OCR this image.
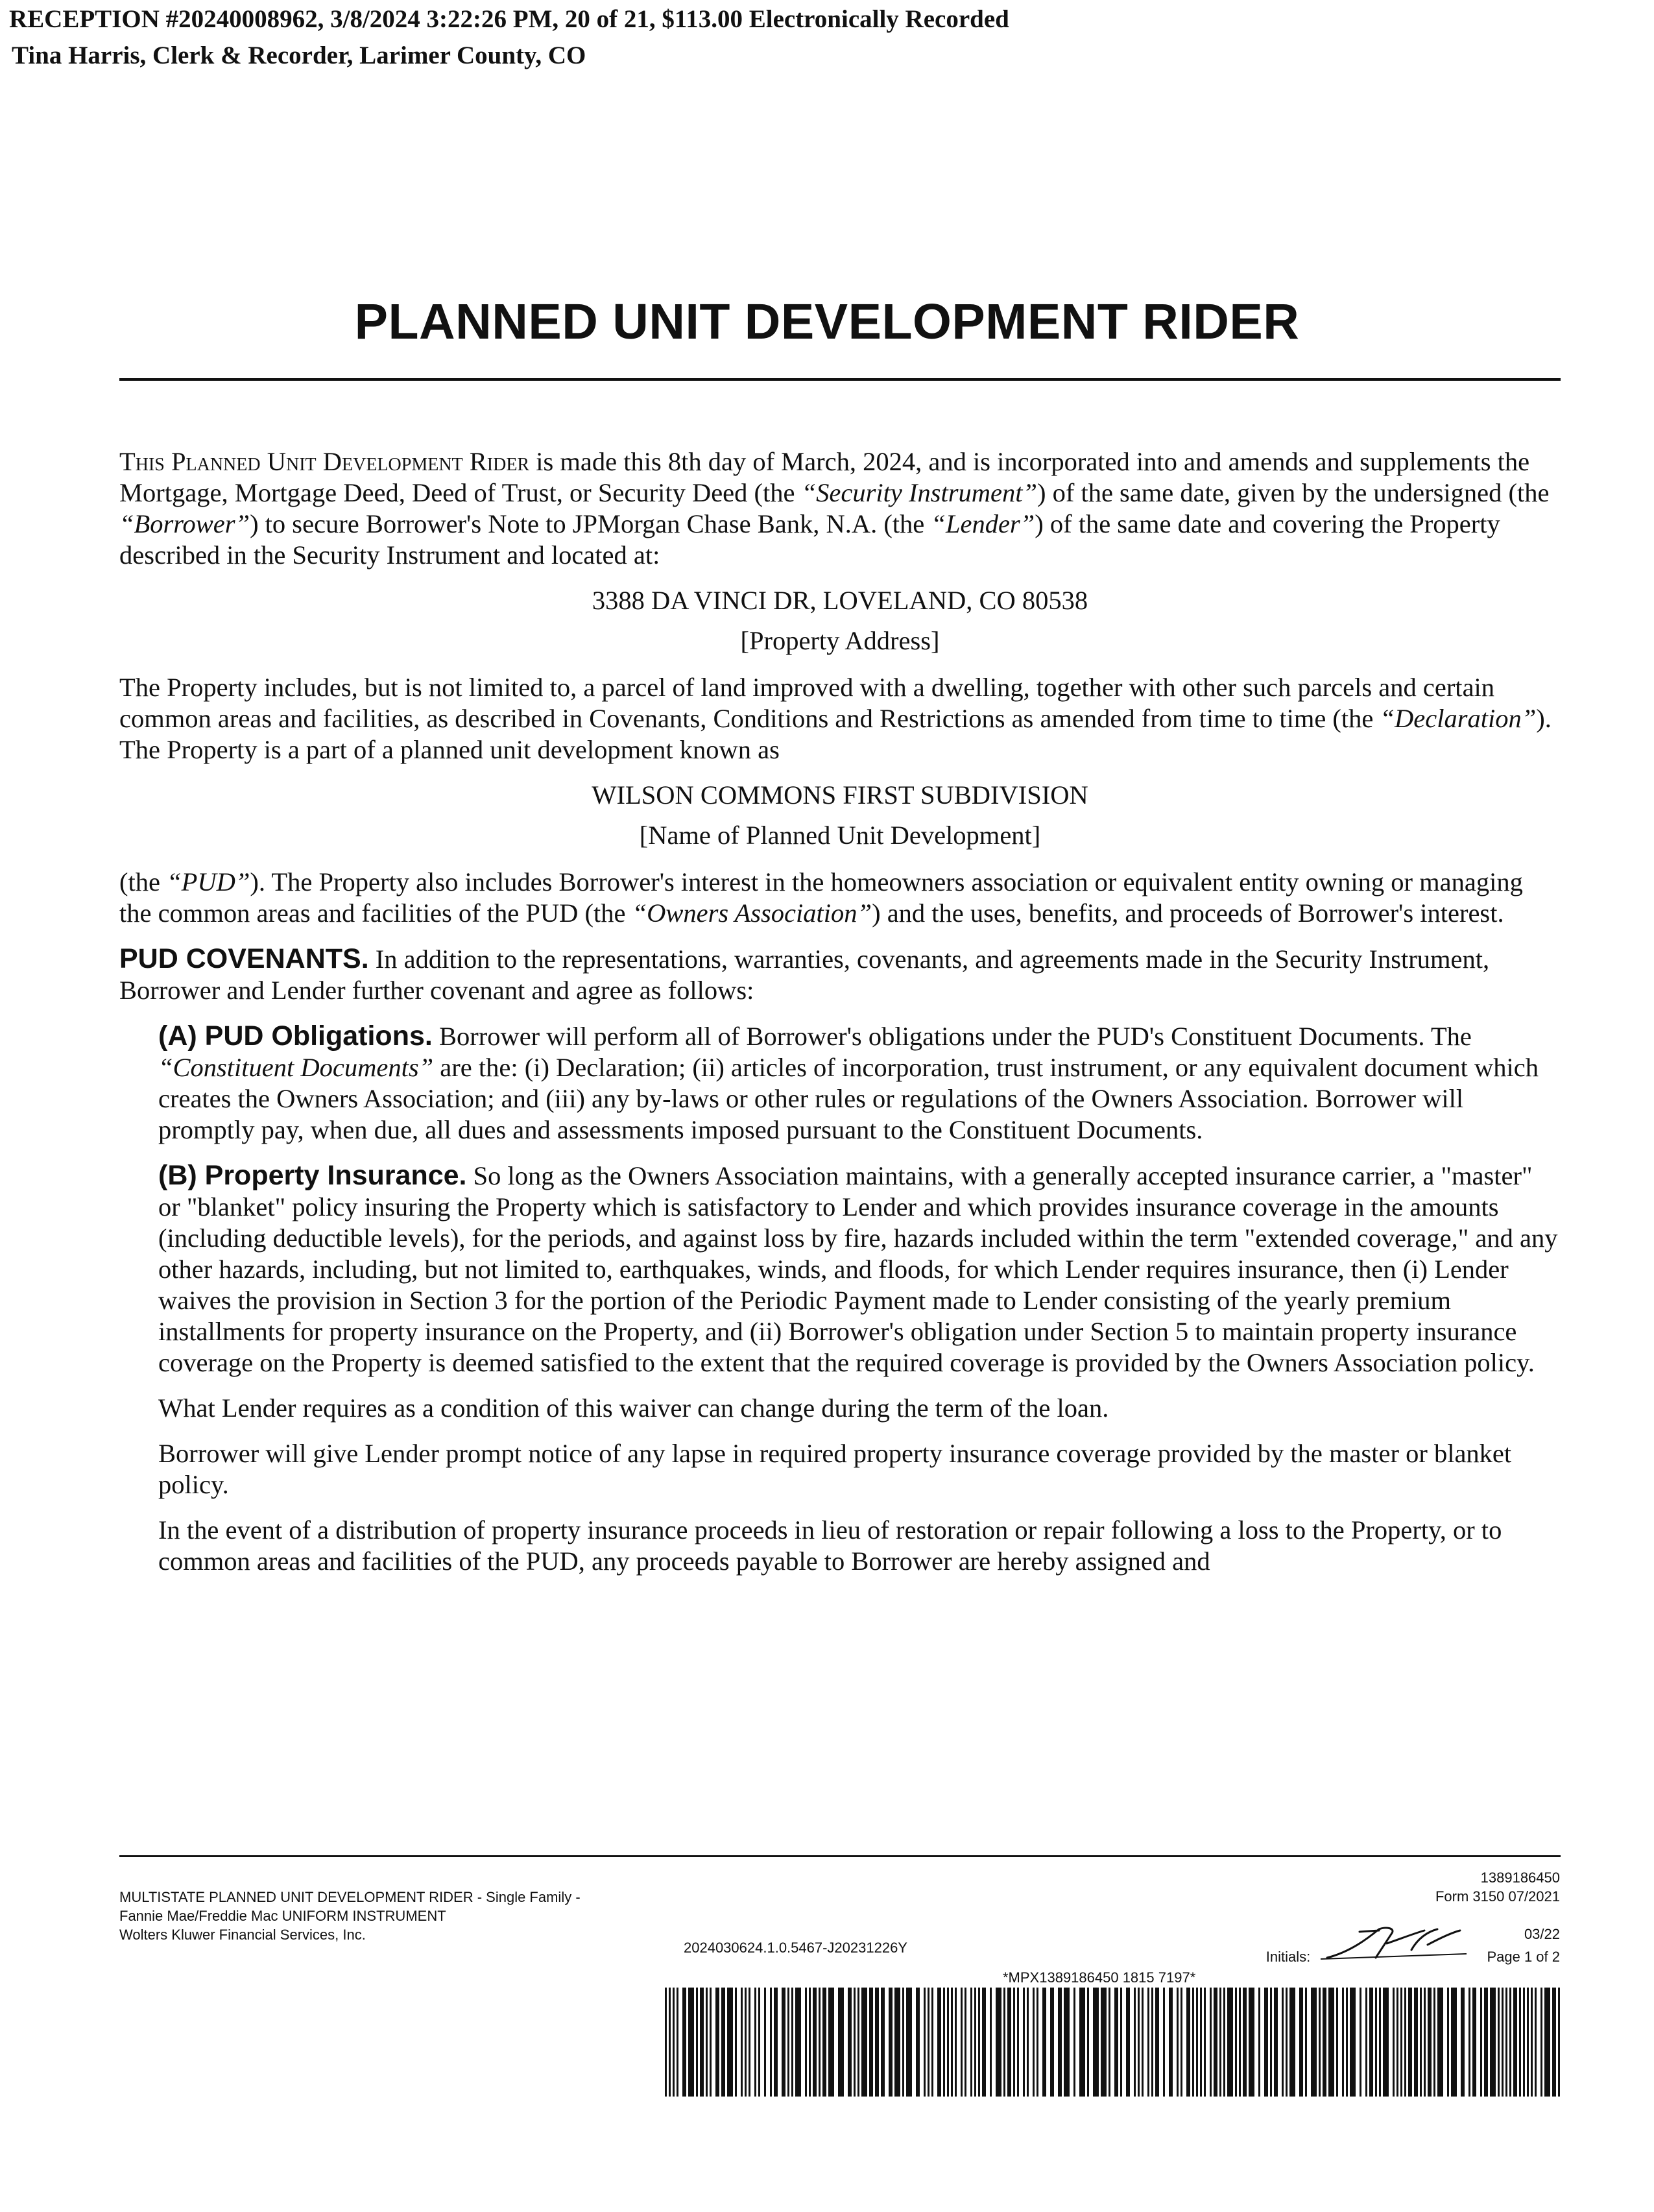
RECEPTION #20240008962, 3/8/2024 3:22:26 PM, 20 of 21, $113.00 Electronically Recorded
Tina Harris, Clerk & Recorder, Larimer County, CO
PLANNED UNIT DEVELOPMENT RIDER

This Planned Unit Development Rider is made this 8th day of March, 2024, and is incorporated into and amends and supplements the Mortgage, Mortgage Deed, Deed of Trust, or Security Deed (the “Security Instrument”) of the same date, given by the undersigned (the “Borrower”) to secure Borrower's Note to JPMorgan Chase Bank, N.A. (the “Lender”) of the same date and covering the Property described in the Security Instrument and located at:

3388 DA VINCI DR, LOVELAND, CO 80538

[Property Address]

The Property includes, but is not limited to, a parcel of land improved with a dwelling, together with other such parcels and certain common areas and facilities, as described in Covenants, Conditions and Restrictions as amended from time to time (the “Declaration”). The Property is a part of a planned unit development known as

WILSON COMMONS FIRST SUBDIVISION

[Name of Planned Unit Development]

(the “PUD”). The Property also includes Borrower's interest in the homeowners association or equivalent entity owning or managing the common areas and facilities of the PUD (the “Owners Association”) and the uses, benefits, and proceeds of Borrower's interest.

PUD COVENANTS. In addition to the representations, warranties, covenants, and agreements made in the Security Instrument, Borrower and Lender further covenant and agree as follows:

(A) PUD Obligations. Borrower will perform all of Borrower's obligations under the PUD's Constituent Documents. The “Constituent Documents” are the: (i) Declaration; (ii) articles of incorporation, trust instrument, or any equivalent document which creates the Owners Association; and (iii) any by-laws or other rules or regulations of the Owners Association. Borrower will promptly pay, when due, all dues and assessments imposed pursuant to the Constituent Documents.

(B) Property Insurance. So long as the Owners Association maintains, with a generally accepted insurance carrier, a "master" or "blanket" policy insuring the Property which is satisfactory to Lender and which provides insurance coverage in the amounts (including deductible levels), for the periods, and against loss by fire, hazards included within the term "extended coverage," and any other hazards, including, but not limited to, earthquakes, winds, and floods, for which Lender requires insurance, then (i) Lender waives the provision in Section 3 for the portion of the Periodic Payment made to Lender consisting of the yearly premium installments for property insurance on the Property, and (ii) Borrower's obligation under Section 5 to maintain property insurance coverage on the Property is deemed satisfied to the extent that the required coverage is provided by the Owners Association policy.

What Lender requires as a condition of this waiver can change during the term of the loan.

Borrower will give Lender prompt notice of any lapse in required property insurance coverage provided by the master or blanket policy.

In the event of a distribution of property insurance proceeds in lieu of restoration or repair following a loss to the Property, or to common areas and facilities of the PUD, any proceeds payable to Borrower are hereby assigned and

MULTISTATE PLANNED UNIT DEVELOPMENT RIDER - Single Family -
Fannie Mae/Freddie Mac UNIFORM INSTRUMENT
Wolters Kluwer Financial Services, Inc.
2024030624.1.0.5467-J20231226Y
1389186450
Form 3150 07/2021
03/22
Initials:	Page 1 of 2
*MPX1389186450 1815 7197*
